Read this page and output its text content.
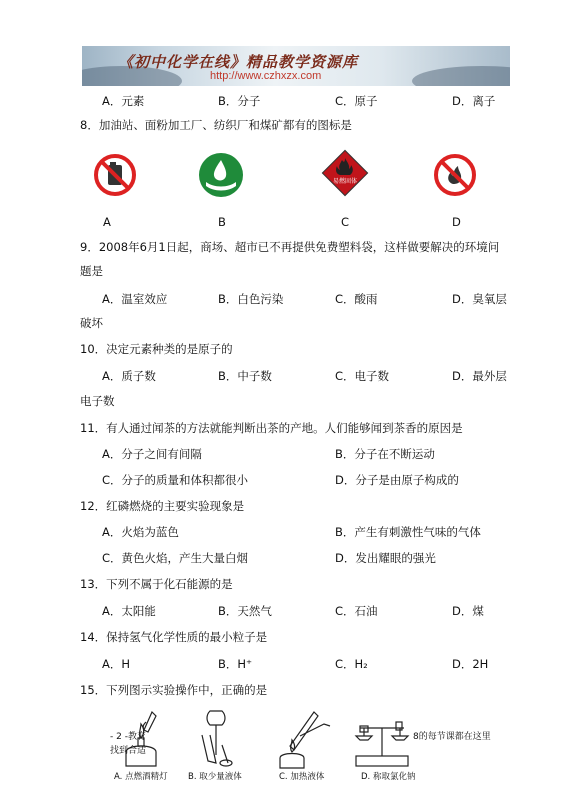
《初中化学在线》精品教学资源库
http://www.czhxzx.com
A．元素	B．分子	C．原子	D．离子
8．加油站、面粉加工厂、纺织厂和煤矿都有的图标是
易燃固体
A	B	C	D
9．2008年6月1日起，商场、超市已不再提供免费塑料袋，这样做要解决的环境问
题是
A．温室效应	B．白色污染	C．酸雨	D．臭氧层
破坏
10．决定元素种类的是原子的
A．质子数	B．中子数	C．电子数	D．最外层
电子数
11．有人通过闻茶的方法就能判断出茶的产地。人们能够闻到茶香的原因是
A．分子之间有间隔	B．分子在不断运动
C．分子的质量和体积都很小	D．分子是由原子构成的
12．红磷燃烧的主要实验现象是
A．火焰为蓝色	B．产生有刺激性气味的气体
C．黄色火焰，产生大量白烟	D．发出耀眼的强光
13．下列不属于化石能源的是
A．太阳能	B．天然气	C．石油	D．煤
14．保持氢气化学性质的最小粒子是
A．H	B．H⁺	C．H₂	D．2H
15．下列图示实验操作中，正确的是
- 2 -教育
找到合适
8的每节课都在这里
A. 点燃酒精灯 B. 取少量液体	C. 加热液体	D. 称取氯化钠
